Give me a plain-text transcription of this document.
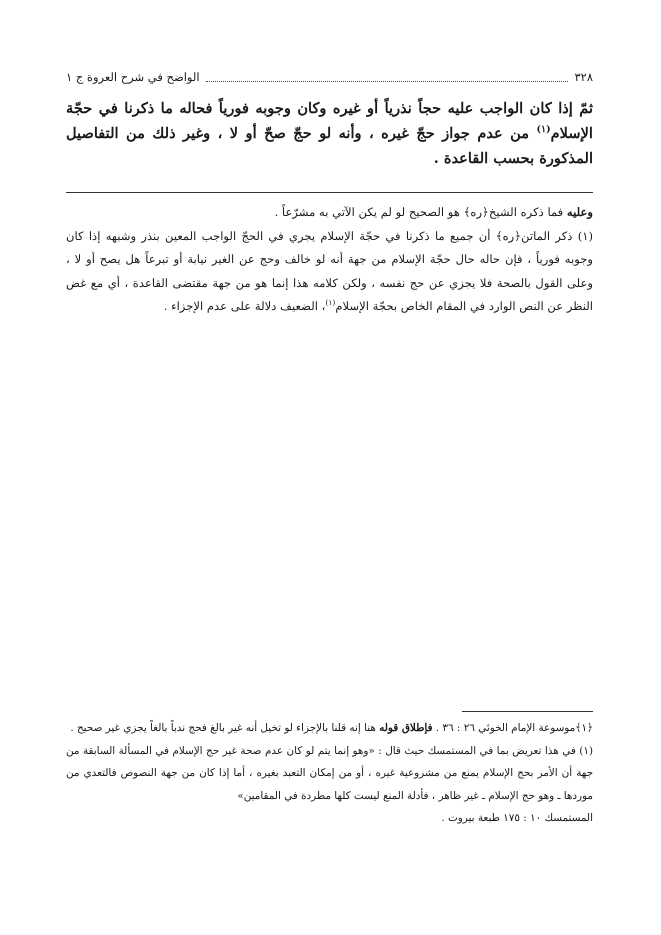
٣٢٨
الواضح في شرح العروة ج ١
ثمّ إذا كان الواجب عليه حجاً نذرياً أو غيره وكان وجوبه فورياً فحاله ما ذكرنا في حجّة الإسلام$^{(١)}$ من عدم جواز حجّ غيره ، وأنه لو حجّ صحّ أو لا ، وغير ذلك من التفاصيل المذكورة بحسب القاعدة .

وعليه فما ذكره الشيخ﴿ره﴾ هو الصحيح لو لم يكن الآتي به مشرّعاً .

(١) ذكر الماتن﴿ره﴾ أن جميع ما ذكرنا في حجّة الإسلام يجري في الحجّ الواجب المعين بنذر وشبهه إذا كان وجوبه فورياً ، فإن حاله حال حجّة الإسلام من جهة أنه لو خالف وحج عن الغير نيابة أو تبرعاً هل يصح أو لا ، وعلى القول بالصحة فلا يجزي عن حج نفسه ، ولكن كلامه هذا إنما هو من جهة مقتضى القاعدة ، أي مع غض النظر عن النص الوارد في المقام الخاص بحجّة الإسلام$^{(١)}$، الضعيف دلالة على عدم الإجزاء .

﴿١﴾موسوعة الإمام الخوئي ٢٦ : ٣٦ . فإطلاق قوله هنا إنه قلنا بالإجزاء لو تخيل أنه غير بالغ فحج ندباً بالغاً يجزي غير صحيح .

(١) في هذا تعريض بما في المستمسك حيث قال : «وهو إنما يتم لو كان عدم صحة غير حج الإسلام في المسألة السابقة من جهة أن الأمر بحج الإسلام يمنع من مشروعية غيره ، أو من إمكان التعبد بغيره ، أما إذا كان من جهة النصوص فالتعدي من موردها ـ وهو حج الإسلام ـ غير ظاهر ، فأدلة المنع ليست كلها مطردة في المقامين»

المستمسك ١٠ : ١٧٥ طبعة بيروت .
